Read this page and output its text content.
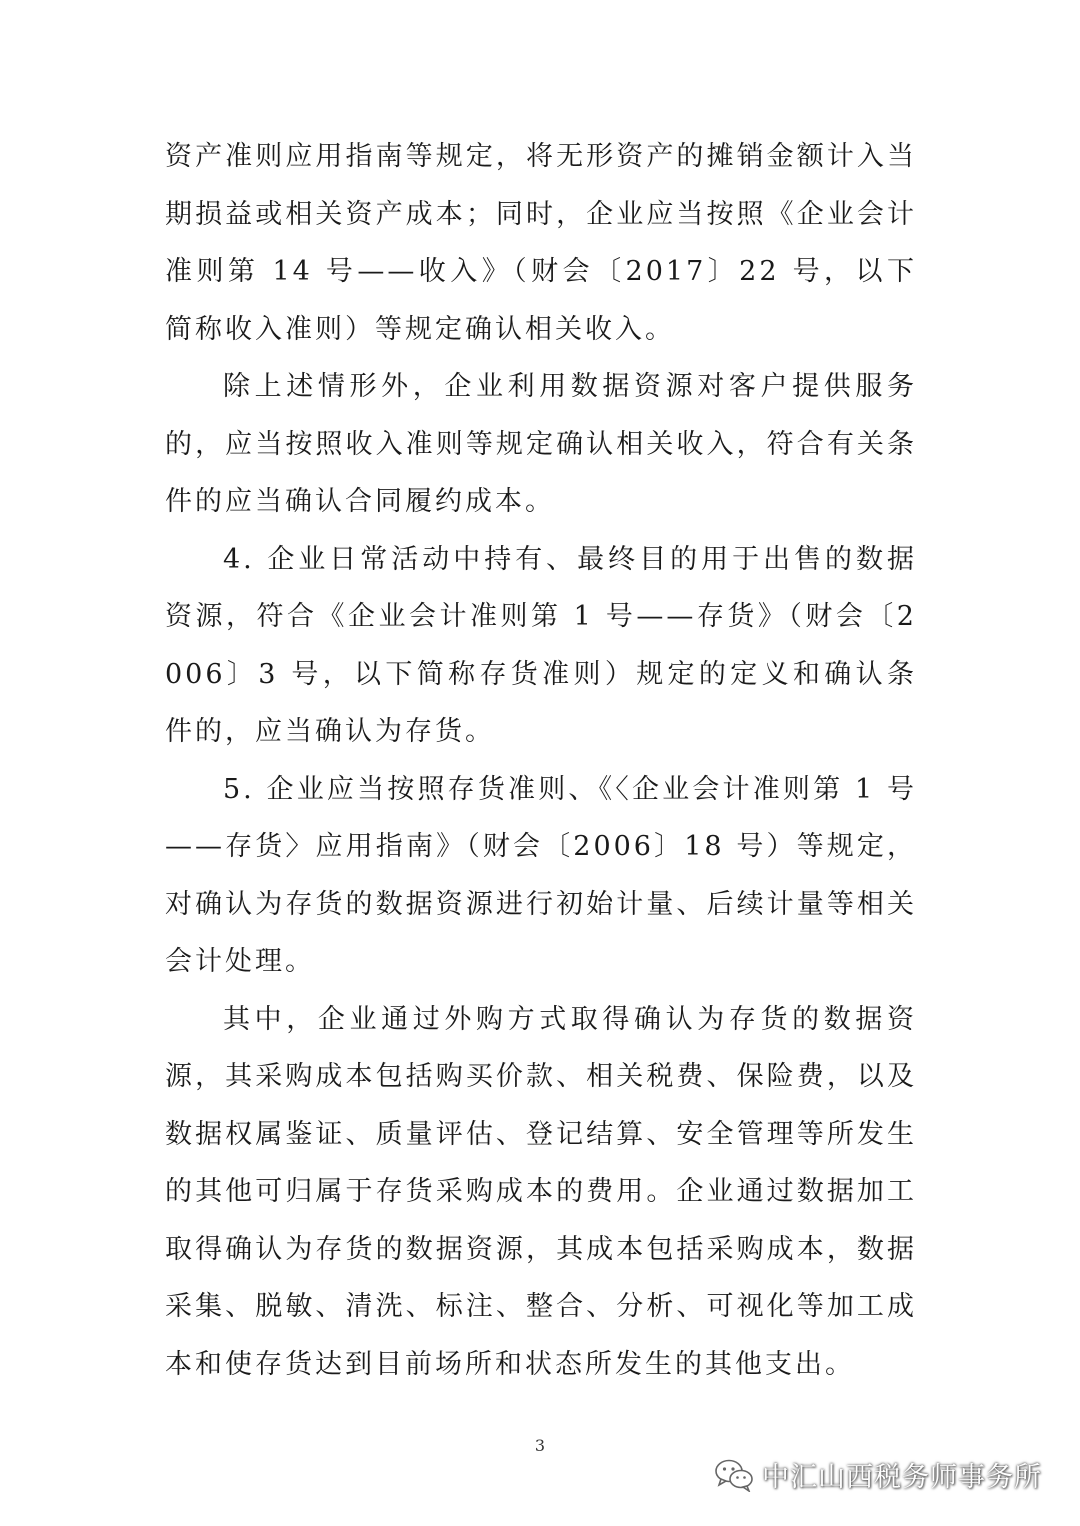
资产准则应用指南等规定，将无形资产的摊销金额计入当期损益或相关资产成本；同时，企业应当按照《企业会计准则第 14 号——收入》（财会〔2017〕22 号，以下简称收入准则）等规定确认相关收入。

除上述情形外，企业利用数据资源对客户提供服务的，应当按照收入准则等规定确认相关收入，符合有关条件的应当确认合同履约成本。

4. 企业日常活动中持有、最终目的用于出售的数据资源，符合《企业会计准则第 1 号——存货》（财会〔2006〕3 号，以下简称存货准则）规定的定义和确认条件的，应当确认为存货。

5. 企业应当按照存货准则、《〈企业会计准则第 1 号——存货〉应用指南》（财会〔2006〕18 号）等规定，对确认为存货的数据资源进行初始计量、后续计量等相关会计处理。

其中，企业通过外购方式取得确认为存货的数据资源，其采购成本包括购买价款、相关税费、保险费，以及数据权属鉴证、质量评估、登记结算、安全管理等所发生的其他可归属于存货采购成本的费用。企业通过数据加工取得确认为存货的数据资源，其成本包括采购成本，数据采集、脱敏、清洗、标注、整合、分析、可视化等加工成本和使存货达到目前场所和状态所发生的其他支出。

3
中汇山西税务师事务所
